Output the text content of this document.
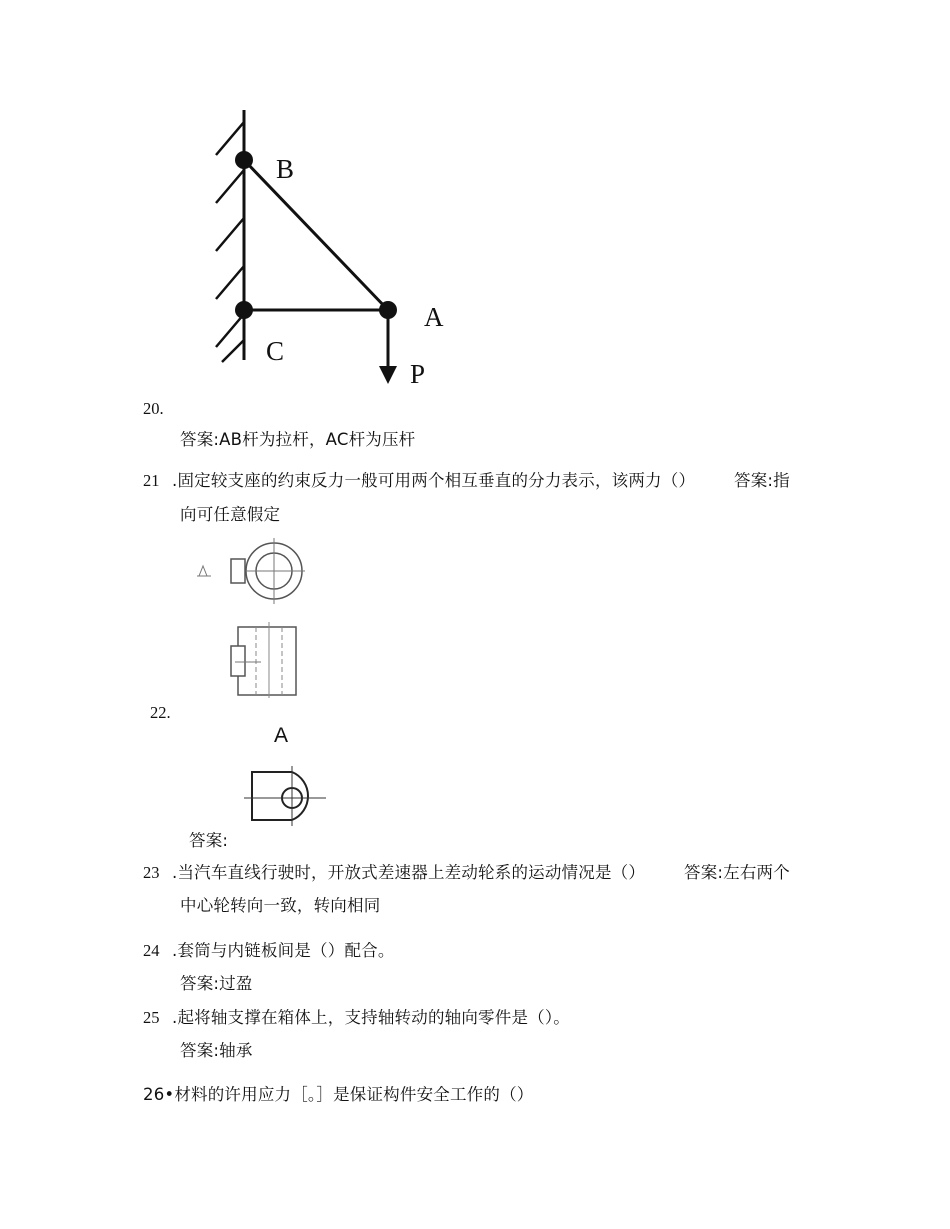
B
A
C
P
20.
答案:AB杆为拉杆，AC杆为压杆
21 .固定较支座的约束反力一般可用两个相互垂直的分力表示，该两力（） 答案:指
向可任意假定
22.
A
答案:
23 .当汽车直线行驶时，开放式差速器上差动轮系的运动情况是（） 答案:左右两个
中心轮转向一致，转向相同
24 .套筒与内链板间是（）配合。
答案:过盈
25 .起将轴支撑在箱体上，支持轴转动的轴向零件是（）。
答案:轴承
26•材料的许用应力［。］是保证构件安全工作的（）
